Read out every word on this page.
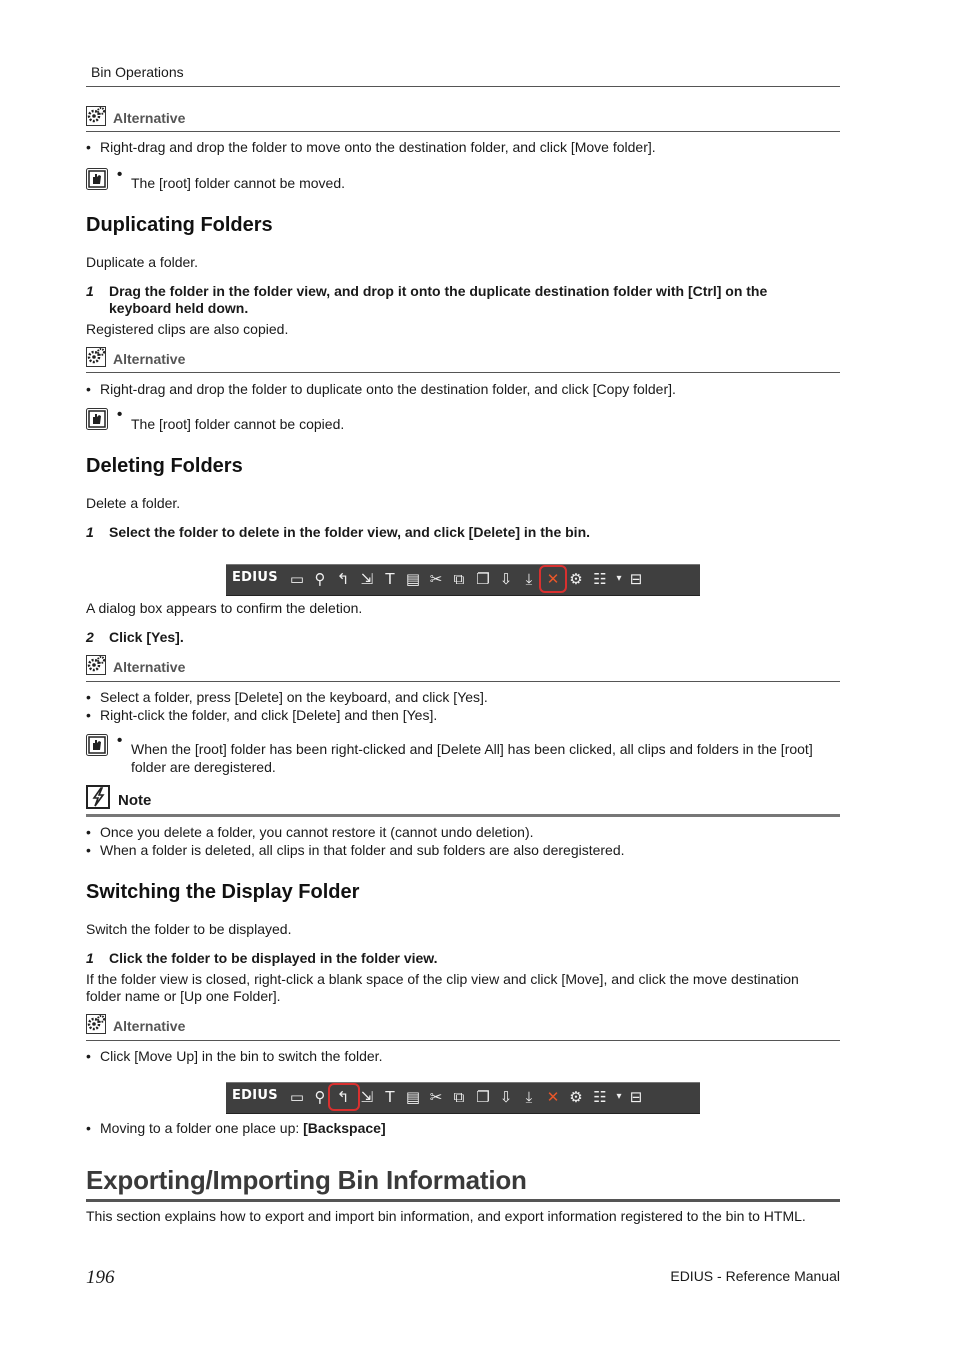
Bin Operations
Alternative
• Right-drag and drop the folder to move onto the destination folder, and click [Move folder].
• The [root] folder cannot be moved.
Duplicating Folders
Duplicate a folder.
1 Drag the folder in the folder view, and drop it onto the duplicate destination folder with [Ctrl] on the keyboard held down.
Registered clips are also copied.
Alternative
• Right-drag and drop the folder to duplicate onto the destination folder, and click [Copy folder].
•
The [root] folder cannot be copied.
Deleting Folders
Delete a folder.
1 Select the folder to delete in the folder view, and click [Delete] in the bin.
EDIUS ▭ ⚲ ↰ ⇲ T ▤ ✂ ⧉ ❐ ⇩ ⤓ ✕ ⚙ ☷ ▾ ⊟
A dialog box appears to confirm the deletion.
2 Click [Yes].
Alternative
• Select a folder, press [Delete] on the keyboard, and click [Yes].
• Right-click the folder, and click [Delete] and then [Yes].
• When the [root] folder has been right-clicked and [Delete All] has been clicked, all clips and folders in the [root] folder are deregistered.
Note
• Once you delete a folder, you cannot restore it (cannot undo deletion).
• When a folder is deleted, all clips in that folder and sub folders are also deregistered.
Switching the Display Folder
Switch the folder to be displayed.
1 Click the folder to be displayed in the folder view.
If the folder view is closed, right-click a blank space of the clip view and click [Move], and click the move destination folder name or [Up one Folder].
Alternative
• Click [Move Up] in the bin to switch the folder.
EDIUS ▭ ⚲ ↰ ⇲ T ▤ ✂ ⧉ ❐ ⇩ ⤓ ✕ ⚙ ☷ ▾ ⊟
• Moving to a folder one place up: [Backspace]
Exporting/Importing Bin Information
This section explains how to export and import bin information, and export information registered to the bin to HTML.
196	EDIUS - Reference Manual
